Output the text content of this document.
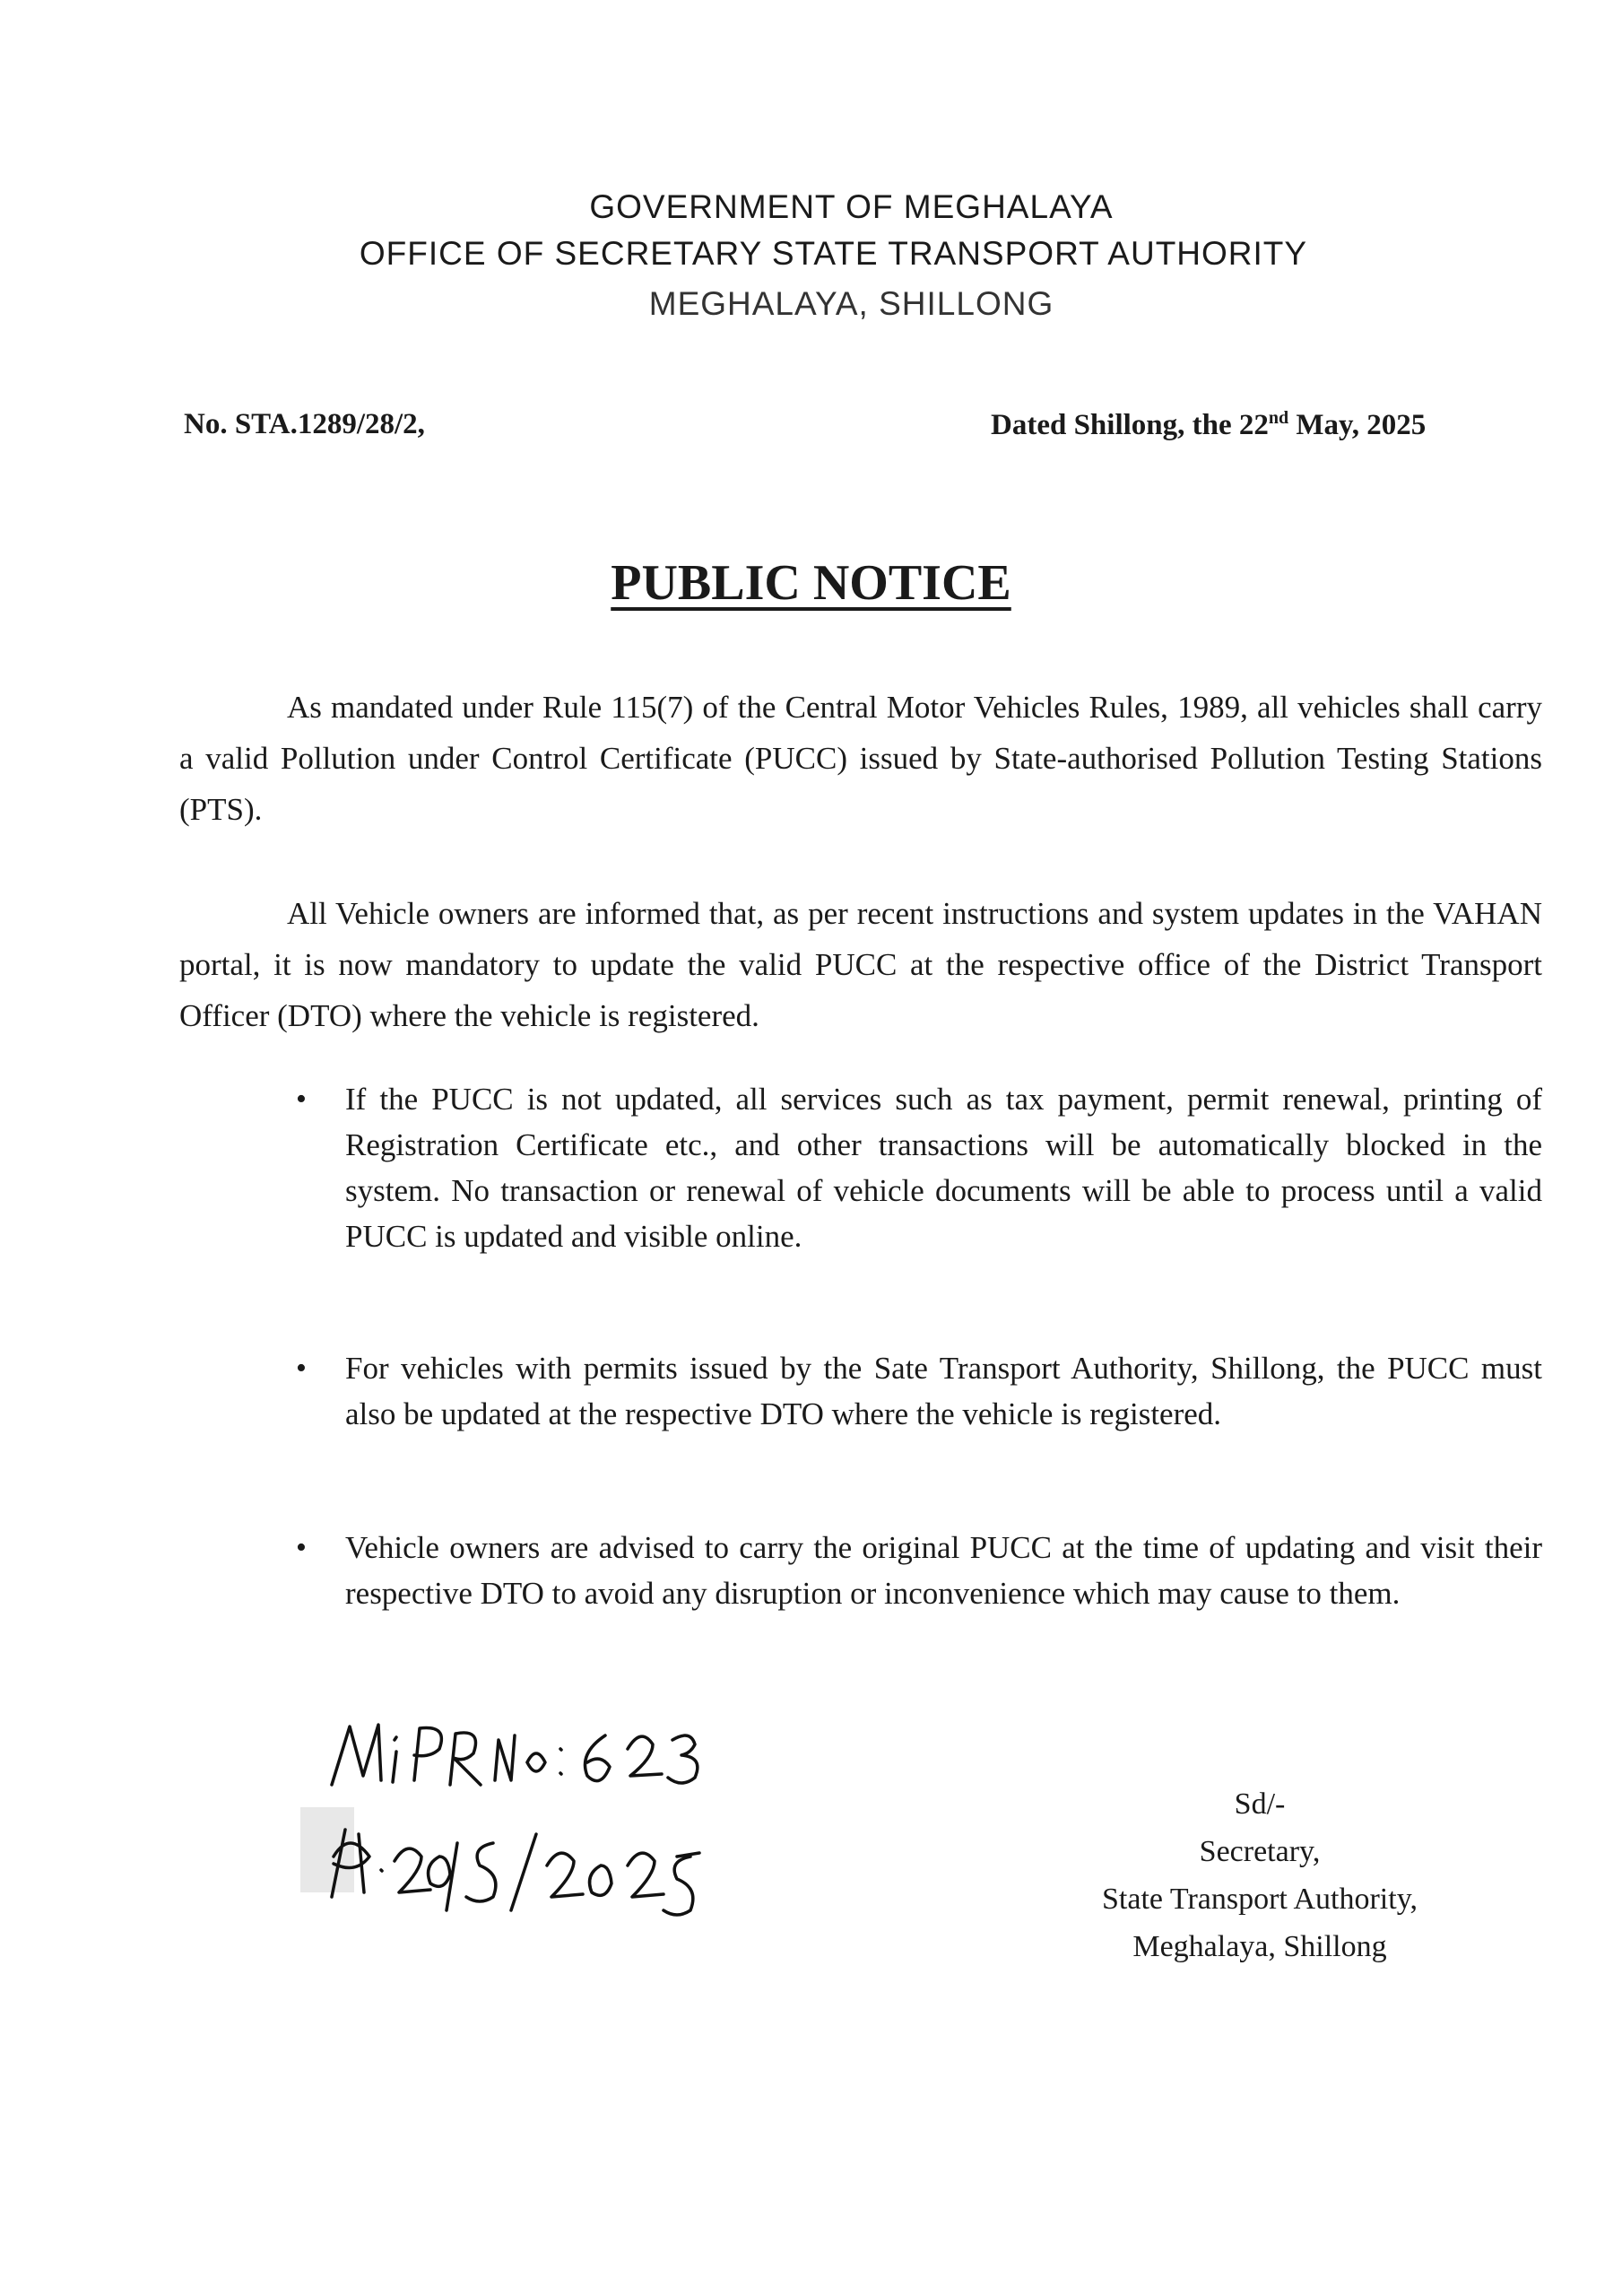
GOVERNMENT OF MEGHALAYA
OFFICE OF SECRETARY STATE TRANSPORT AUTHORITY
MEGHALAYA, SHILLONG
No. STA.1289/28/2,	Dated Shillong, the 22nd May, 2025
PUBLIC NOTICE

As mandated under Rule 115(7) of the Central Motor Vehicles Rules, 1989, all vehicles shall carry a valid Pollution under Control Certificate (PUCC) issued by State-authorised Pollution Testing Stations (PTS).

All Vehicle owners are informed that, as per recent instructions and system updates in the VAHAN portal, it is now mandatory to update the valid PUCC at the respective office of the District Transport Officer (DTO) where the vehicle is registered.

• If the PUCC is not updated, all services such as tax payment, permit renewal, printing of Registration Certificate etc., and other transactions will be automatically blocked in the system. No transaction or renewal of vehicle documents will be able to process until a valid PUCC is updated and visible online.

• For vehicles with permits issued by the Sate Transport Authority, Shillong, the PUCC must also be updated at the respective DTO where the vehicle is registered.

• Vehicle owners are advised to carry the original PUCC at the time of updating and visit their respective DTO to avoid any disruption or inconvenience which may cause to them.

Sd/-
Secretary,
State Transport Authority,
Meghalaya, Shillong
